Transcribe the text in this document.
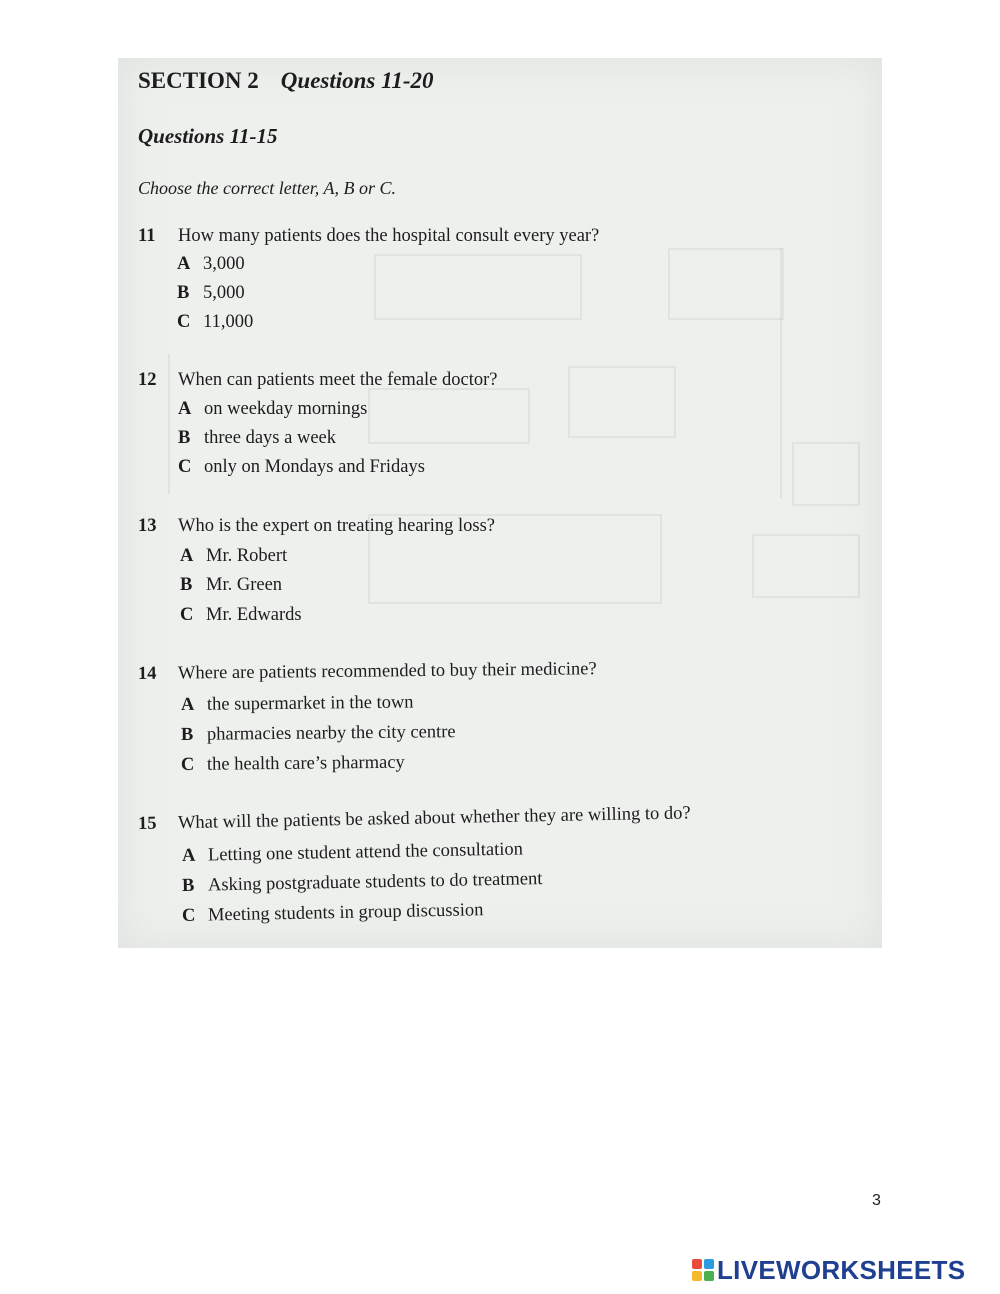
SECTION 2 Questions 11-20
Questions 11-15
Choose the correct letter, A, B or C.
11 How many patients does the hospital consult every year?
A 3,000
B 5,000
C 11,000
12 When can patients meet the female doctor?
A on weekday mornings
B three days a week
C only on Mondays and Fridays
13 Who is the expert on treating hearing loss?
A Mr. Robert
B Mr. Green
C Mr. Edwards
14 Where are patients recommended to buy their medicine?
A the supermarket in the town
B pharmacies nearby the city centre
C the health care’s pharmacy
15 What will the patients be asked about whether they are willing to do?
A Letting one student attend the consultation
B Asking postgraduate students to do treatment
C Meeting students in group discussion
3
LIVEWORKSHEETS
